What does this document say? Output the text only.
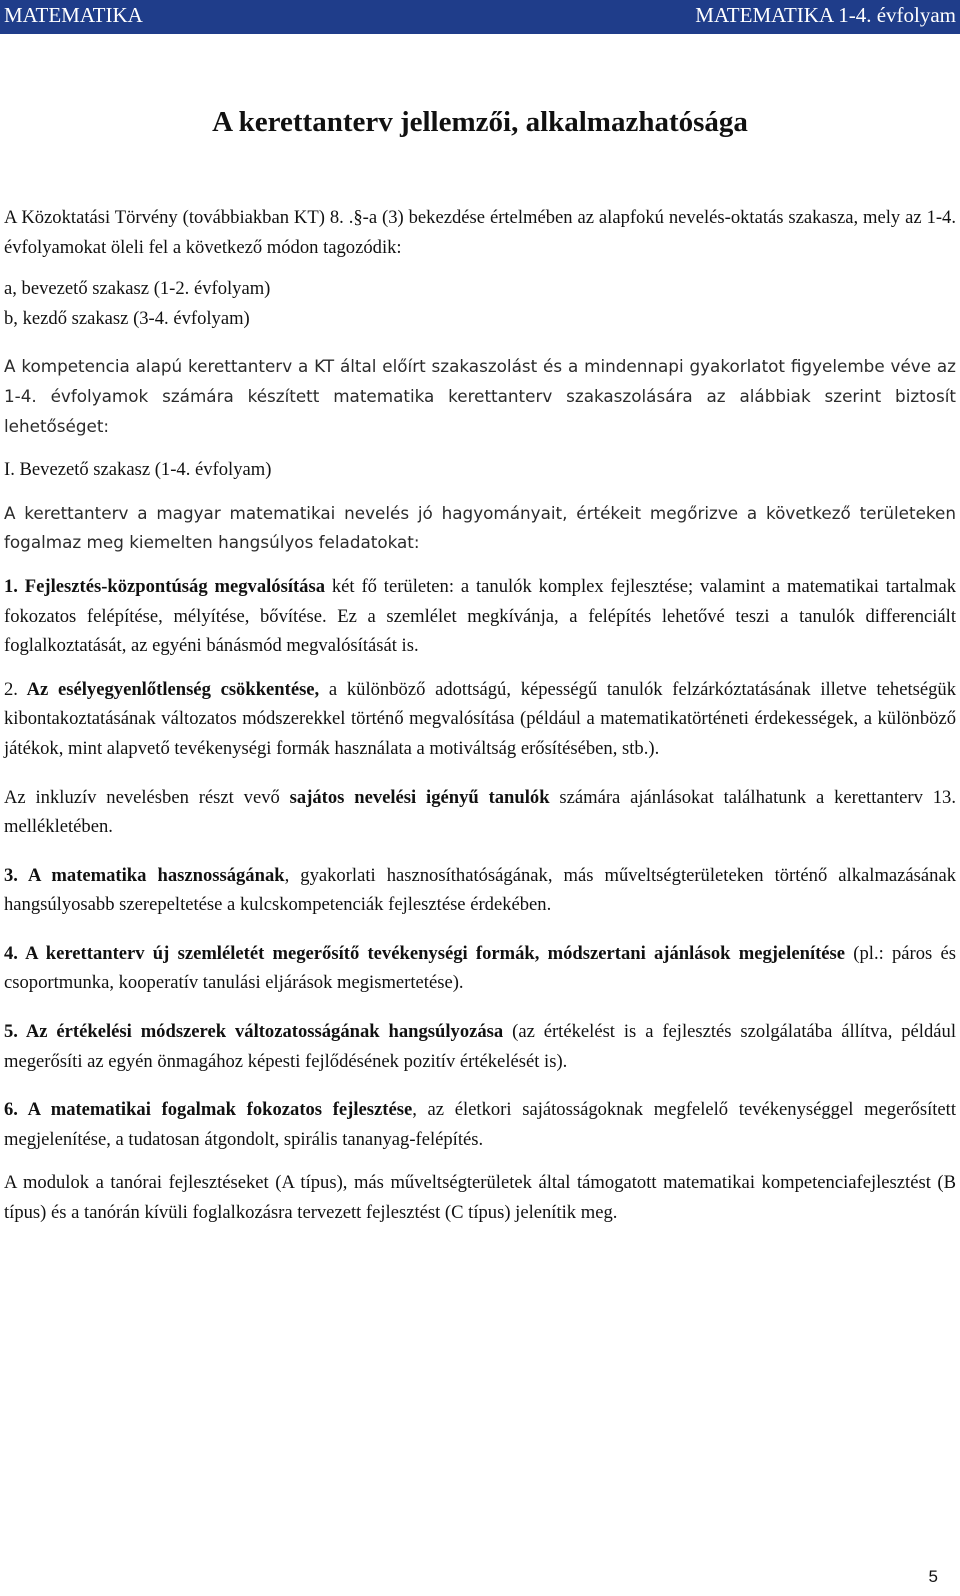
MATEMATIKA	MATEMATIKA 1-4. évfolyam
A kerettanterv jellemzői, alkalmazhatósága

A Közoktatási Törvény (továbbiakban KT) 8. .§-a (3) bekezdése értelmében az alapfokú nevelés-oktatás szakasza, mely az 1-4. évfolyamokat öleli fel a következő módon tagozódik:

a, bevezető szakasz (1-2. évfolyam)

b, kezdő szakasz (3-4. évfolyam)

A kompetencia alapú kerettanterv a KT által előírt szakaszolást és a mindennapi gyakorlatot figyelembe véve az 1-4. évfolyamok számára készített matematika kerettanterv szakaszolására az alábbiak szerint biztosít lehetőséget:

I. Bevezető szakasz (1-4. évfolyam)

A kerettanterv a magyar matematikai nevelés jó hagyományait, értékeit megőrizve a következő területeken fogalmaz meg kiemelten hangsúlyos feladatokat:

1. Fejlesztés-központúság megvalósítása két fő területen: a tanulók komplex fejlesztése; valamint a matematikai tartalmak fokozatos felépítése, mélyítése, bővítése. Ez a szemlélet megkívánja, a felépítés lehetővé teszi a tanulók differenciált foglalkoztatását, az egyéni bánásmód megvalósítását is.

2. Az esélyegyenlőtlenség csökkentése, a különböző adottságú, képességű tanulók felzárkóztatásának illetve tehetségük kibontakoztatásának változatos módszerekkel történő megvalósítása (például a matematikatörténeti érdekességek, a különböző játékok, mint alapvető tevékenységi formák használata a motiváltság erősítésében, stb.).

Az inkluzív nevelésben részt vevő sajátos nevelési igényű tanulók számára ajánlásokat találhatunk a kerettanterv 13. mellékletében.

3. A matematika hasznosságának, gyakorlati hasznosíthatóságának, más műveltségterületeken történő alkalmazásának hangsúlyosabb szerepeltetése a kulcskompetenciák fejlesztése érdekében.

4. A kerettanterv új szemléletét megerősítő tevékenységi formák, módszertani ajánlások megjelenítése (pl.: páros és csoportmunka, kooperatív tanulási eljárások megismertetése).

5. Az értékelési módszerek változatosságának hangsúlyozása (az értékelést is a fejlesztés szolgálatába állítva, például megerősíti az egyén önmagához képesti fejlődésének pozitív értékelését is).

6. A matematikai fogalmak fokozatos fejlesztése, az életkori sajátosságoknak megfelelő tevékenységgel megerősített megjelenítése, a tudatosan átgondolt, spirális tananyag-felépítés.

A modulok a tanórai fejlesztéseket (A típus), más műveltségterületek által támogatott matematikai kompetenciafejlesztést (B típus) és a tanórán kívüli foglalkozásra tervezett fejlesztést (C típus) jelenítik meg.

5
